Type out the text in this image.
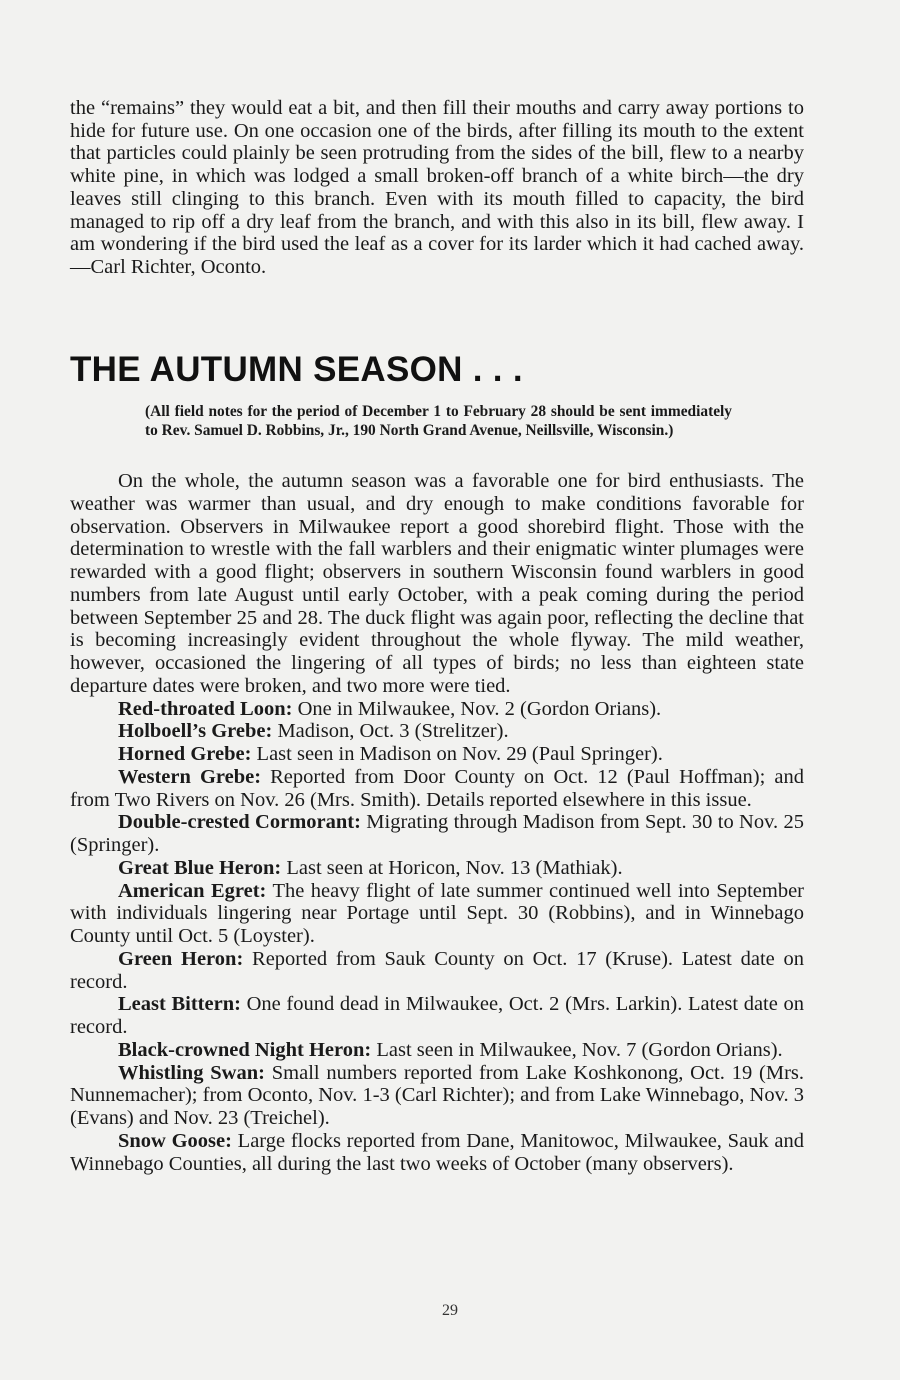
the “remains” they would eat a bit, and then fill their mouths and carry away portions to hide for future use. On one occasion one of the birds, after filling its mouth to the extent that particles could plainly be seen protruding from the sides of the bill, flew to a nearby white pine, in which was lodged a small broken-off branch of a white birch—the dry leaves still clinging to this branch. Even with its mouth filled to capacity, the bird managed to rip off a dry leaf from the branch, and with this also in its bill, flew away. I am wondering if the bird used the leaf as a cover for its larder which it had cached away.—Carl Richter, Oconto.

THE AUTUMN SEASON . . .

(All field notes for the period of December 1 to February 28 should be sent immediately to Rev. Samuel D. Robbins, Jr., 190 North Grand Avenue, Neillsville, Wisconsin.)

On the whole, the autumn season was a favorable one for bird enthusiasts. The weather was warmer than usual, and dry enough to make conditions favorable for observation. Observers in Milwaukee report a good shorebird flight. Those with the determination to wrestle with the fall warblers and their enigmatic winter plumages were rewarded with a good flight; observers in southern Wisconsin found warblers in good numbers from late August until early October, with a peak coming during the period between September 25 and 28. The duck flight was again poor, reflecting the decline that is becoming increasingly evident throughout the whole flyway. The mild weather, however, occasioned the lingering of all types of birds; no less than eighteen state departure dates were broken, and two more were tied.

Red-throated Loon: One in Milwaukee, Nov. 2 (Gordon Orians).

Holboell’s Grebe: Madison, Oct. 3 (Strelitzer).

Horned Grebe: Last seen in Madison on Nov. 29 (Paul Springer).

Western Grebe: Reported from Door County on Oct. 12 (Paul Hoffman); and from Two Rivers on Nov. 26 (Mrs. Smith). Details reported elsewhere in this issue.

Double-crested Cormorant: Migrating through Madison from Sept. 30 to Nov. 25 (Springer).

Great Blue Heron: Last seen at Horicon, Nov. 13 (Mathiak).

American Egret: The heavy flight of late summer continued well into September with individuals lingering near Portage until Sept. 30 (Robbins), and in Winnebago County until Oct. 5 (Loyster).

Green Heron: Reported from Sauk County on Oct. 17 (Kruse). Latest date on record.

Least Bittern: One found dead in Milwaukee, Oct. 2 (Mrs. Larkin). Latest date on record.

Black-crowned Night Heron: Last seen in Milwaukee, Nov. 7 (Gordon Orians).

Whistling Swan: Small numbers reported from Lake Koshkonong, Oct. 19 (Mrs. Nunnemacher); from Oconto, Nov. 1-3 (Carl Richter); and from Lake Winnebago, Nov. 3 (Evans) and Nov. 23 (Treichel).

Snow Goose: Large flocks reported from Dane, Manitowoc, Milwaukee, Sauk and Winnebago Counties, all during the last two weeks of October (many observers).

29
